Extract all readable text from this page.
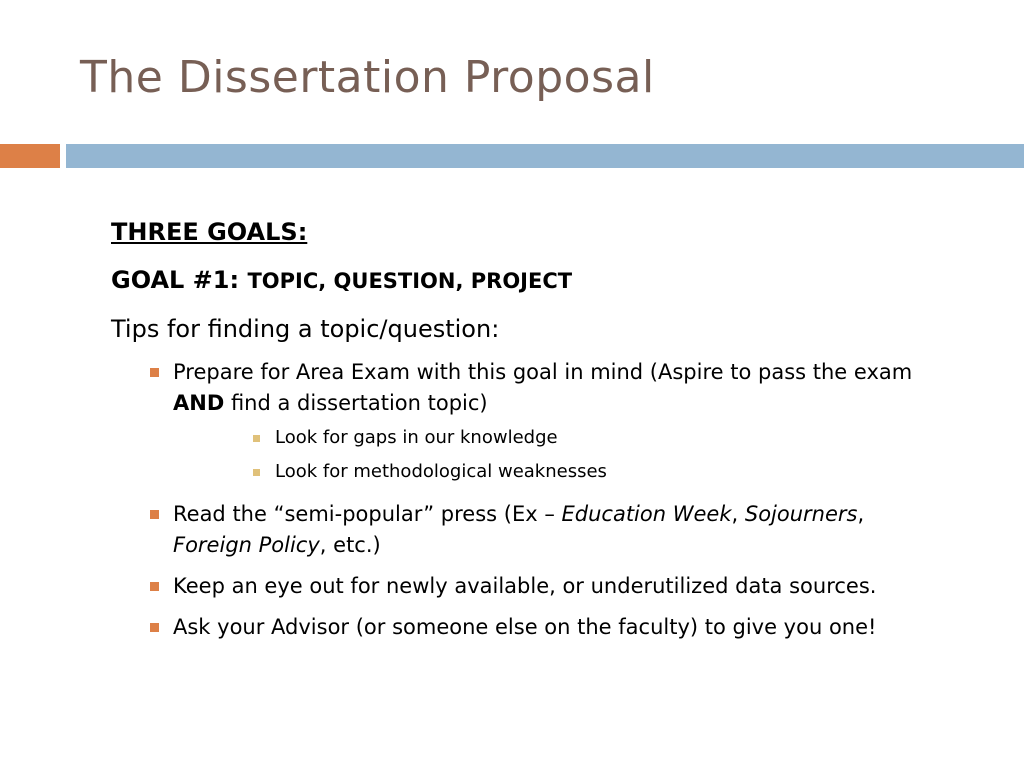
The Dissertation Proposal
THREE GOALS:
GOAL #1: TOPIC, QUESTION, PROJECT
Tips for finding a topic/question:
Prepare for Area Exam with this goal in mind (Aspire to pass the exam AND find a dissertation topic)
Look for gaps in our knowledge
Look for methodological weaknesses
Read the “semi-popular” press (Ex – Education Week, Sojourners, Foreign Policy, etc.)
Keep an eye out for newly available, or underutilized data sources.
Ask your Advisor (or someone else on the faculty) to give you one!
